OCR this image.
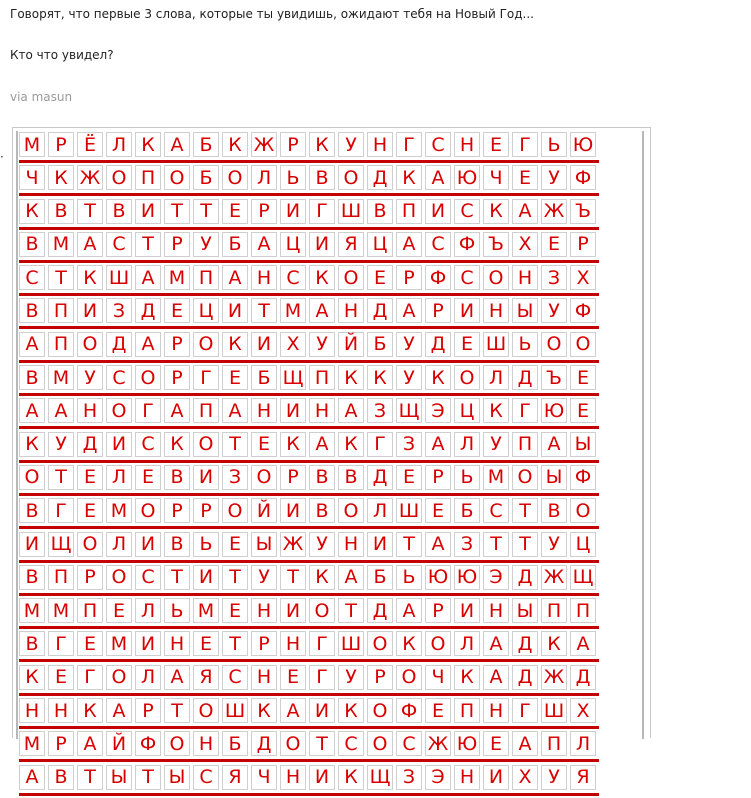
Говорят, что первые 3 слова, которые ты увидишь, ожидают тебя на Новый Год...
Кто что увидел?
via masun
·
М Р Ё Л К А Б К Ж Р К У Н Г С Н Е Г Ь Ю
Ч К Ж О П О Б О Л Ь В О Д К А Ю Ч Е У Ф
К В Т В И Т Т Е Р И Г Ш В П И С К А Ж Ъ
В М А С Т Р У Б А Ц И Я Ц А С Ф Ъ Х Е Р
С Т К Ш А М П А Н С К О Е Р Ф С О Н З Х
В П И З Д Е Ц И Т М А Н Д А Р И Н Ы У Ф
А П О Д А Р О К И Х У Й Б У Д Е Ш Ь О О
В М У С О Р Г Е Б Щ П К К У К О Л Д Ъ Е
А А Н О Г А П А Н И Н А З Щ Э Ц К Г Ю Е
К У Д И С К О Т Е К А К Г З А Л У П А Ы
О Т Е Л Е В И З О Р В В Д Е Р Ь М О Ы Ф
В Г Е М О Р Р О Й И В О Л Ш Е Б С Т В О
И Щ О Л И В Ь Е Ы Ж У Н И Т А З Т Т У Ц
В П Р О С Т И Т У Т К А Б Ь Ю Ю Э Д Ж Щ
М М П Е Л Ь М Е Н И О Т Д А Р И Н Ы П П
В Г Е М И Н Е Т Р Н Г Ш О К О Л А Д К А
К Е Г О Л А Я С Н Е Г У Р О Ч К А Д Ж Д
Н Н К А Р Т О Ш К А И К О Ф Е П Н Г Ш Х
М Р А Й Ф О Н Б Д О Т С О С Ж Ю Е А П Л
А В Т Ы Т Ы С Я Ч Н И К Щ З Э Н И Х У Я
